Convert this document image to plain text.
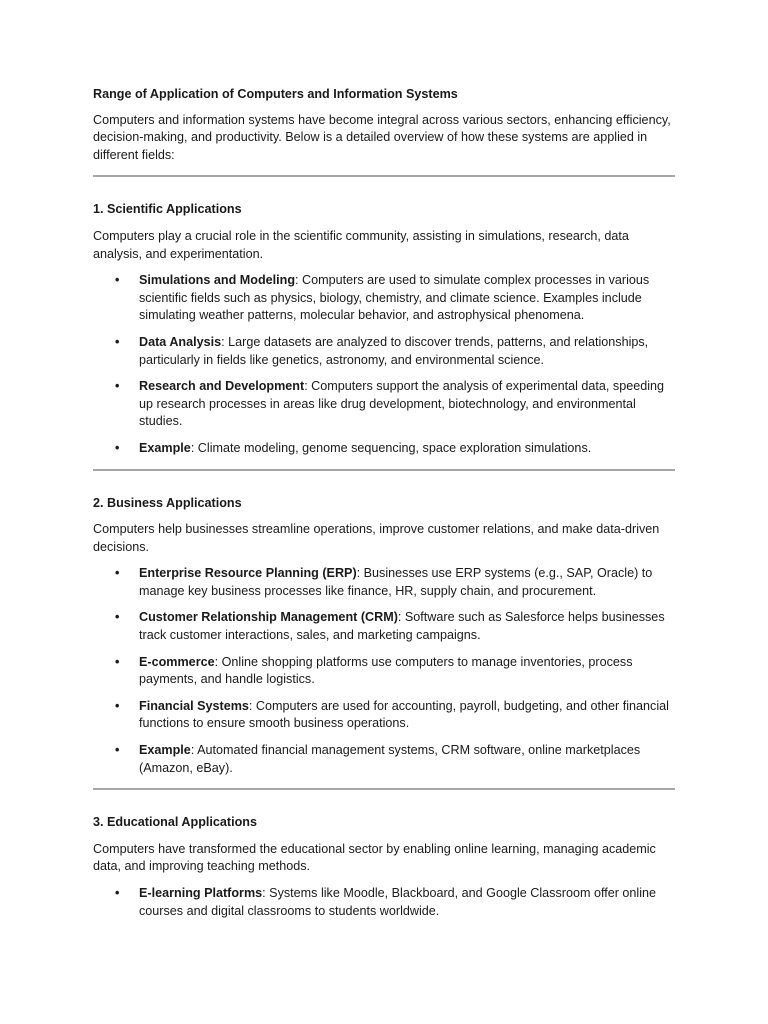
Range of Application of Computers and Information Systems

Computers and information systems have become integral across various sectors, enhancing efficiency, decision-making, and productivity. Below is a detailed overview of how these systems are applied in different fields:

1. Scientific Applications

Computers play a crucial role in the scientific community, assisting in simulations, research, data analysis, and experimentation.

• Simulations and Modeling: Computers are used to simulate complex processes in various scientific fields such as physics, biology, chemistry, and climate science. Examples include simulating weather patterns, molecular behavior, and astrophysical phenomena.
• Data Analysis: Large datasets are analyzed to discover trends, patterns, and relationships, particularly in fields like genetics, astronomy, and environmental science.
• Research and Development: Computers support the analysis of experimental data, speeding up research processes in areas like drug development, biotechnology, and environmental studies.
• Example: Climate modeling, genome sequencing, space exploration simulations.

2. Business Applications

Computers help businesses streamline operations, improve customer relations, and make data-driven decisions.

• Enterprise Resource Planning (ERP): Businesses use ERP systems (e.g., SAP, Oracle) to manage key business processes like finance, HR, supply chain, and procurement.
• Customer Relationship Management (CRM): Software such as Salesforce helps businesses track customer interactions, sales, and marketing campaigns.
• E-commerce: Online shopping platforms use computers to manage inventories, process payments, and handle logistics.
• Financial Systems: Computers are used for accounting, payroll, budgeting, and other financial functions to ensure smooth business operations.
• Example: Automated financial management systems, CRM software, online marketplaces (Amazon, eBay).

3. Educational Applications

Computers have transformed the educational sector by enabling online learning, managing academic data, and improving teaching methods.

• E-learning Platforms: Systems like Moodle, Blackboard, and Google Classroom offer online courses and digital classrooms to students worldwide.
